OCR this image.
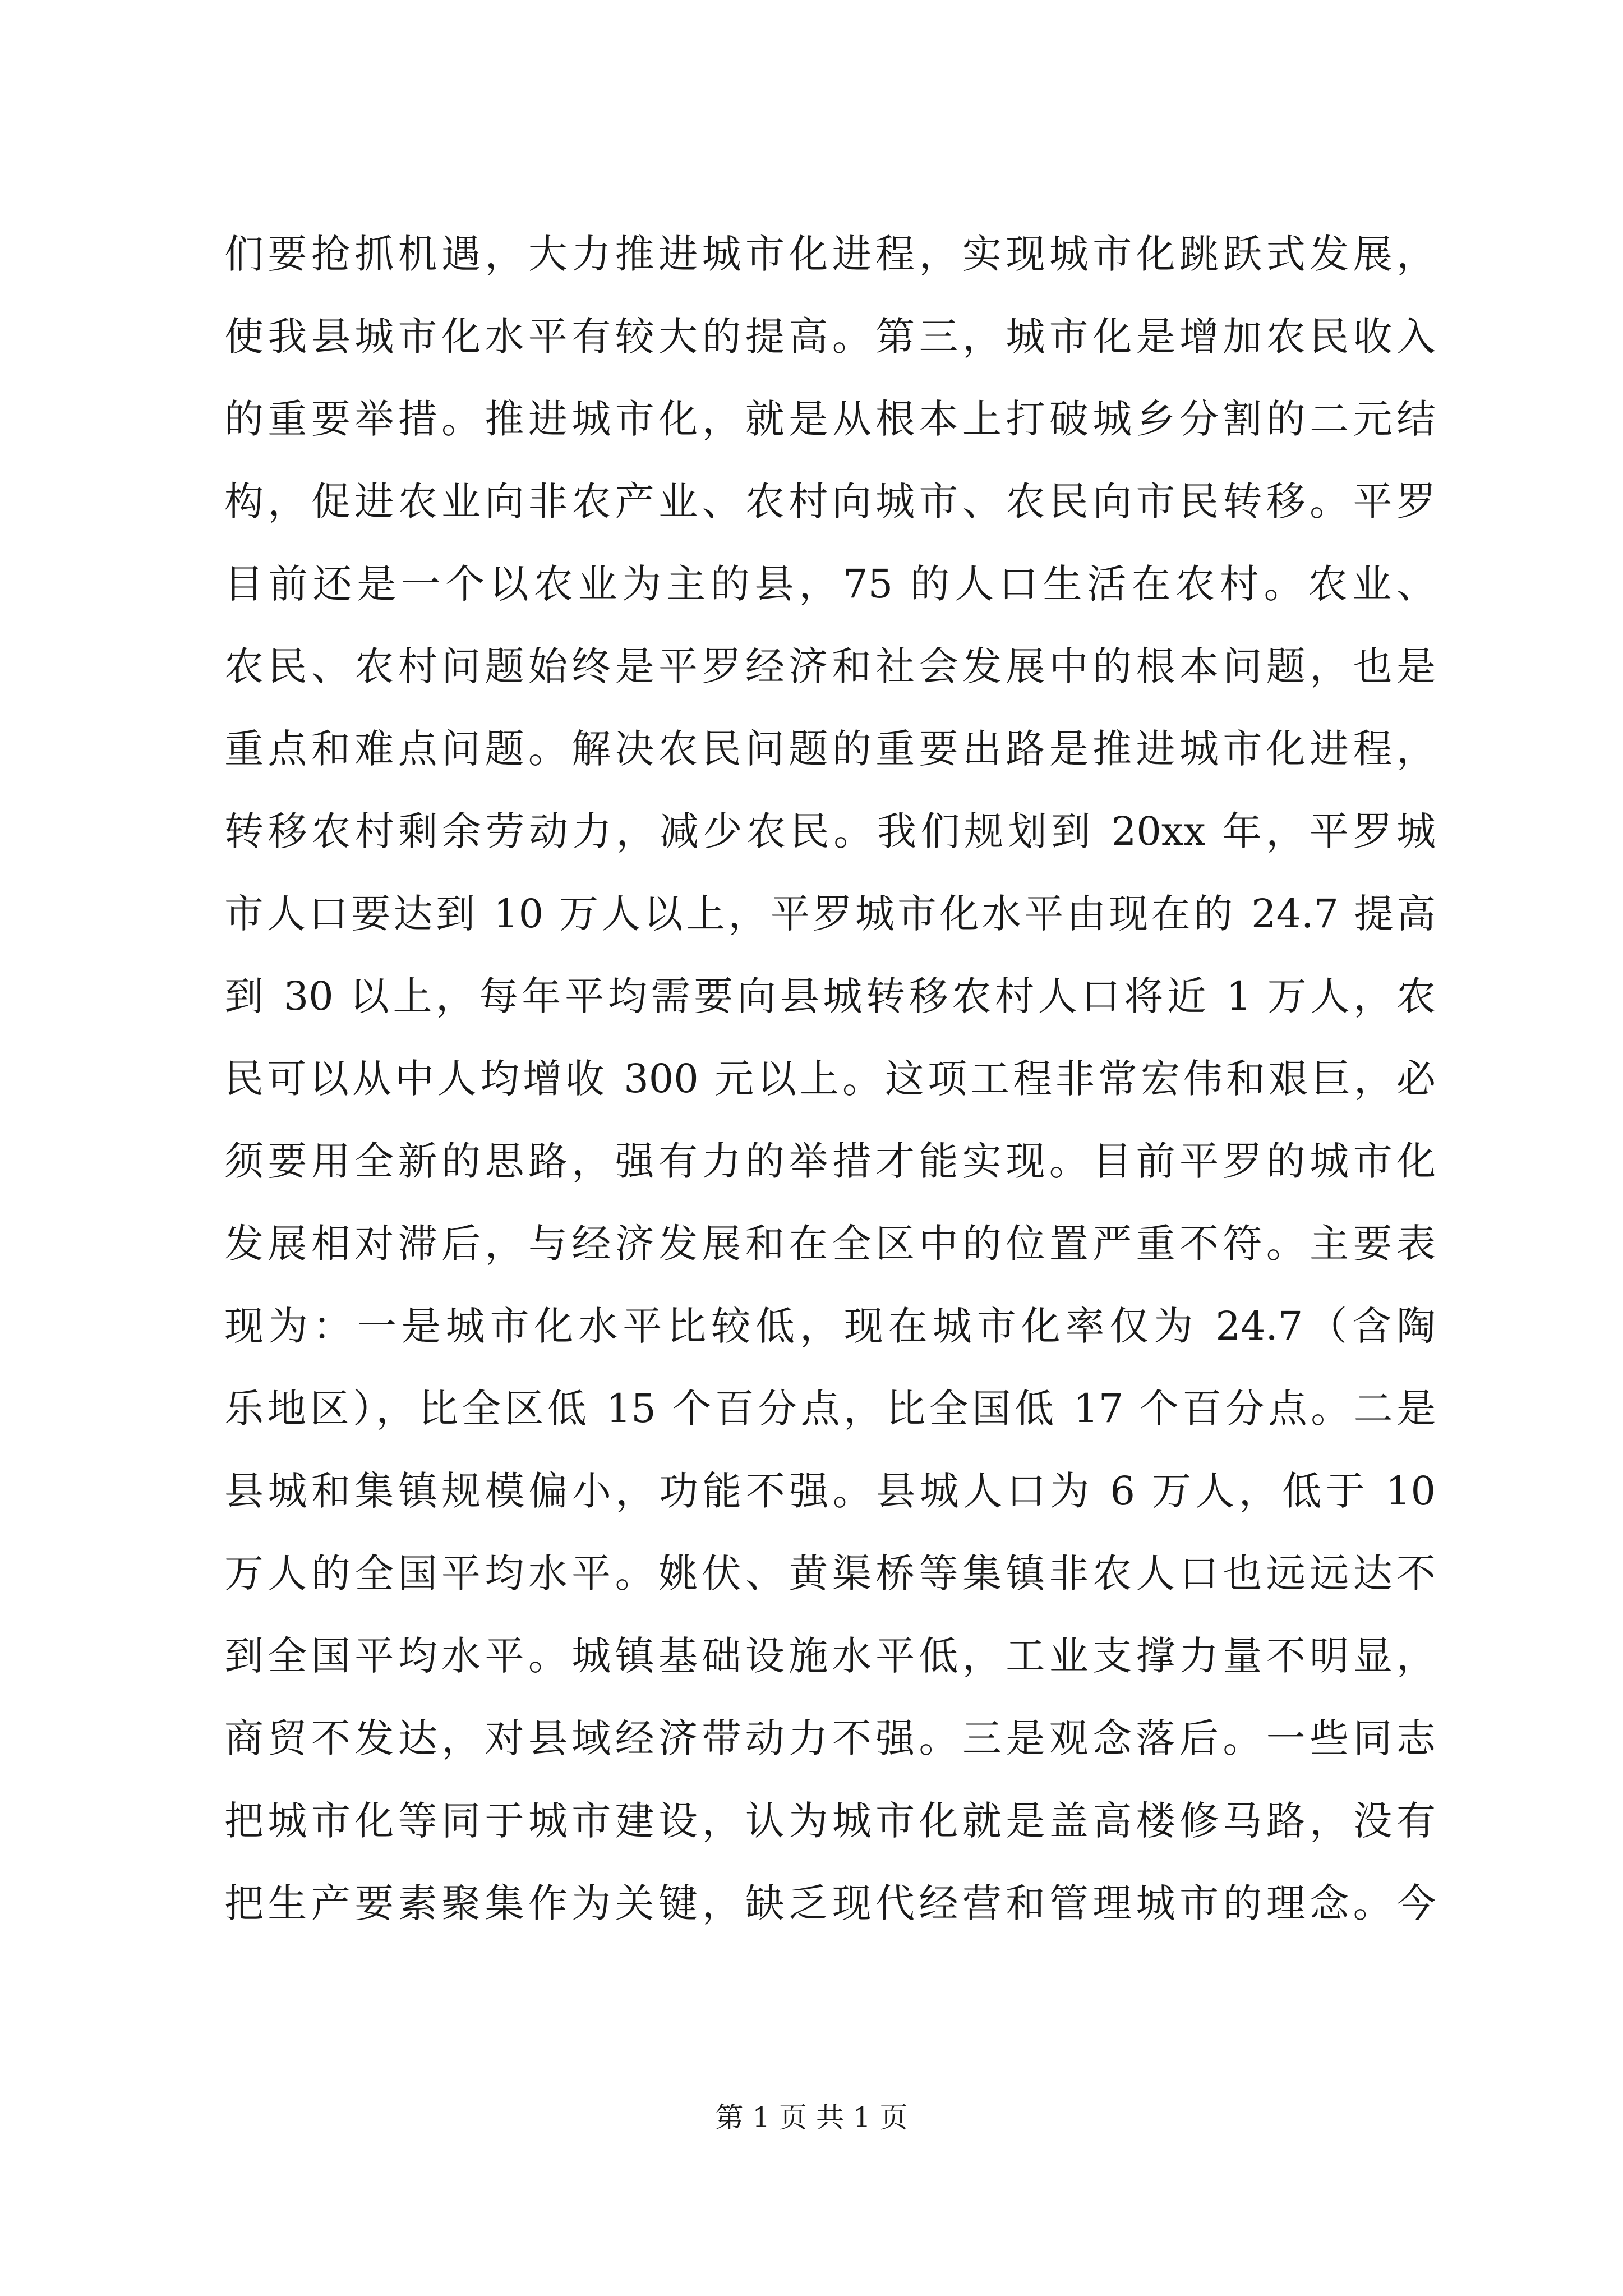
们要抢抓机遇，大力推进城市化进程，实现城市化跳跃式发展，
使我县城市化水平有较大的提高。第三，城市化是增加农民收入
的重要举措。推进城市化，就是从根本上打破城乡分割的二元结
构，促进农业向非农产业、农村向城市、农民向市民转移。平罗
目前还是一个以农业为主的县，75 的人口生活在农村。农业、
农民、农村问题始终是平罗经济和社会发展中的根本问题，也是
重点和难点问题。解决农民问题的重要出路是推进城市化进程，
转移农村剩余劳动力，减少农民。我们规划到 20xx 年，平罗城
市人口要达到 10 万人以上，平罗城市化水平由现在的 24.7 提高
到 30 以上，每年平均需要向县城转移农村人口将近 1 万人，农
民可以从中人均增收 300 元以上。这项工程非常宏伟和艰巨，必
须要用全新的思路，强有力的举措才能实现。目前平罗的城市化
发展相对滞后，与经济发展和在全区中的位置严重不符。主要表
现为：一是城市化水平比较低，现在城市化率仅为 24.7（含陶
乐地区），比全区低 15 个百分点，比全国低 17 个百分点。二是
县城和集镇规模偏小，功能不强。县城人口为 6 万人，低于 10
万人的全国平均水平。姚伏、黄渠桥等集镇非农人口也远远达不
到全国平均水平。城镇基础设施水平低，工业支撑力量不明显，
商贸不发达，对县域经济带动力不强。三是观念落后。一些同志
把城市化等同于城市建设，认为城市化就是盖高楼修马路，没有
把生产要素聚集作为关键，缺乏现代经营和管理城市的理念。今
第 1 页 共 1 页
